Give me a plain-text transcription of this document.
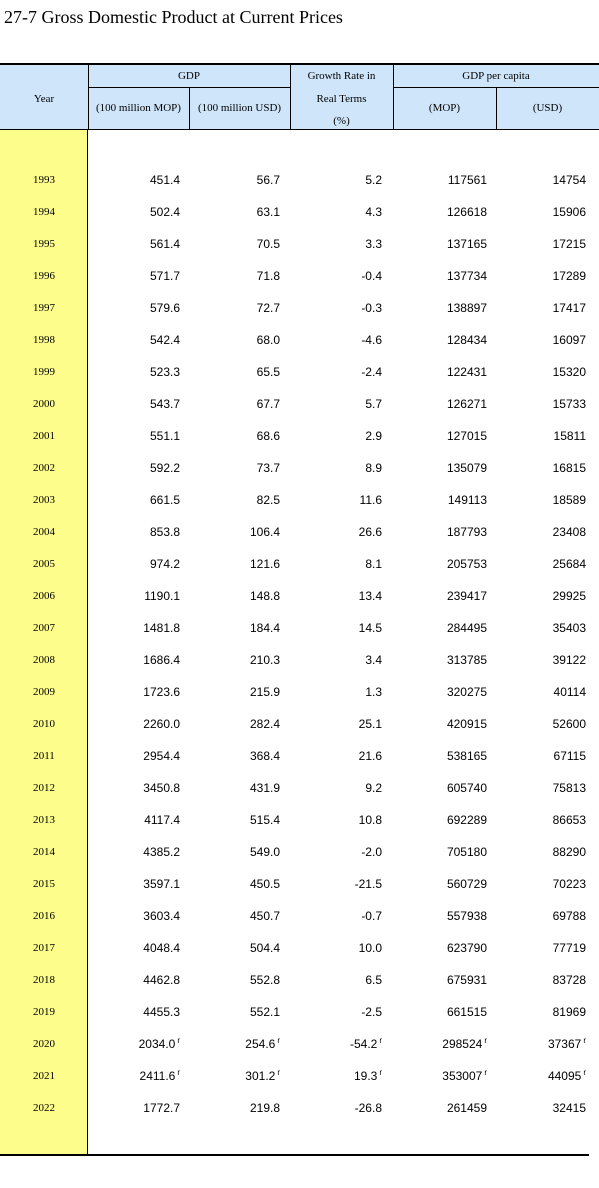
27-7 Gross Domestic Product at Current Prices
Year
GDP
(100 million MOP)	(100 million USD)
Growth Rate in
Real Terms
(%)
GDP per capita
(MOP)	(USD)
1993	451.4	56.7	5.2	117561	14754
1994	502.4	63.1	4.3	126618	15906
1995	561.4	70.5	3.3	137165	17215
1996	571.7	71.8	-0.4	137734	17289
1997	579.6	72.7	-0.3	138897	17417
1998	542.4	68.0	-4.6	128434	16097
1999	523.3	65.5	-2.4	122431	15320
2000	543.7	67.7	5.7	126271	15733
2001	551.1	68.6	2.9	127015	15811
2002	592.2	73.7	8.9	135079	16815
2003	661.5	82.5	11.6	149113	18589
2004	853.8	106.4	26.6	187793	23408
2005	974.2	121.6	8.1	205753	25684
2006	1190.1	148.8	13.4	239417	29925
2007	1481.8	184.4	14.5	284495	35403
2008	1686.4	210.3	3.4	313785	39122
2009	1723.6	215.9	1.3	320275	40114
2010	2260.0	282.4	25.1	420915	52600
2011	2954.4	368.4	21.6	538165	67115
2012	3450.8	431.9	9.2	605740	75813
2013	4117.4	515.4	10.8	692289	86653
2014	4385.2	549.0	-2.0	705180	88290
2015	3597.1	450.5	-21.5	560729	70223
2016	3603.4	450.7	-0.7	557938	69788
2017	4048.4	504.4	10.0	623790	77719
2018	4462.8	552.8	6.5	675931	83728
2019	4455.3	552.1	-2.5	661515	81969
2020	2034.0 $^r$	254.6 $^r$	-54.2 $^r$	298524 $^r$	37367 $^r$
2021	2411.6 $^r$	301.2 $^r$	19.3 $^r$	353007 $^r$	44095 $^r$
2022	1772.7	219.8	-26.8	261459	32415
